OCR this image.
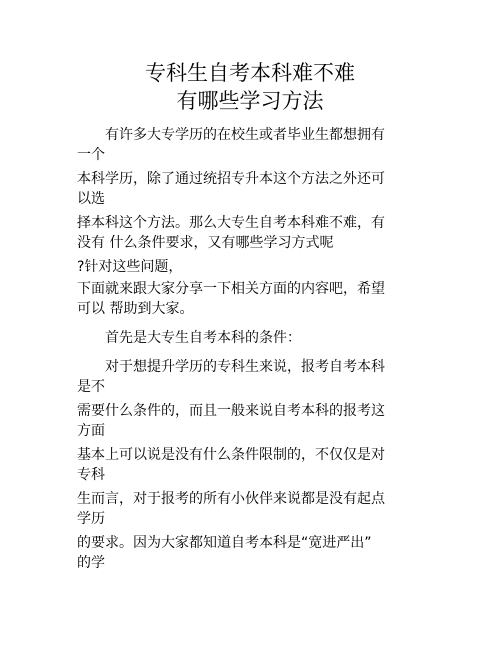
专科生自考本科难不难
有哪些学习方法

有许多大专学历的在校生或者毕业生都想拥有

一个

本科学历，除了通过统招专升本这个方法之外还可

以选

择本科这个方法。那么大专生自考本科难不难，有

没有 什么条件要求，又有哪些学习方式呢

?针对这些问题，

下面就来跟大家分享一下相关方面的内容吧，希望

可以 帮助到大家。

首先是大专生自考本科的条件：

对于想提升学历的专科生来说，报考自考本科

是不

需要什么条件的，而且一般来说自考本科的报考这

方面

基本上可以说是没有什么条件限制的，不仅仅是对

专科

生而言，对于报考的所有小伙伴来说都是没有起点

学历

的要求。因为大家都知道自考本科是“宽进严出”

的学
